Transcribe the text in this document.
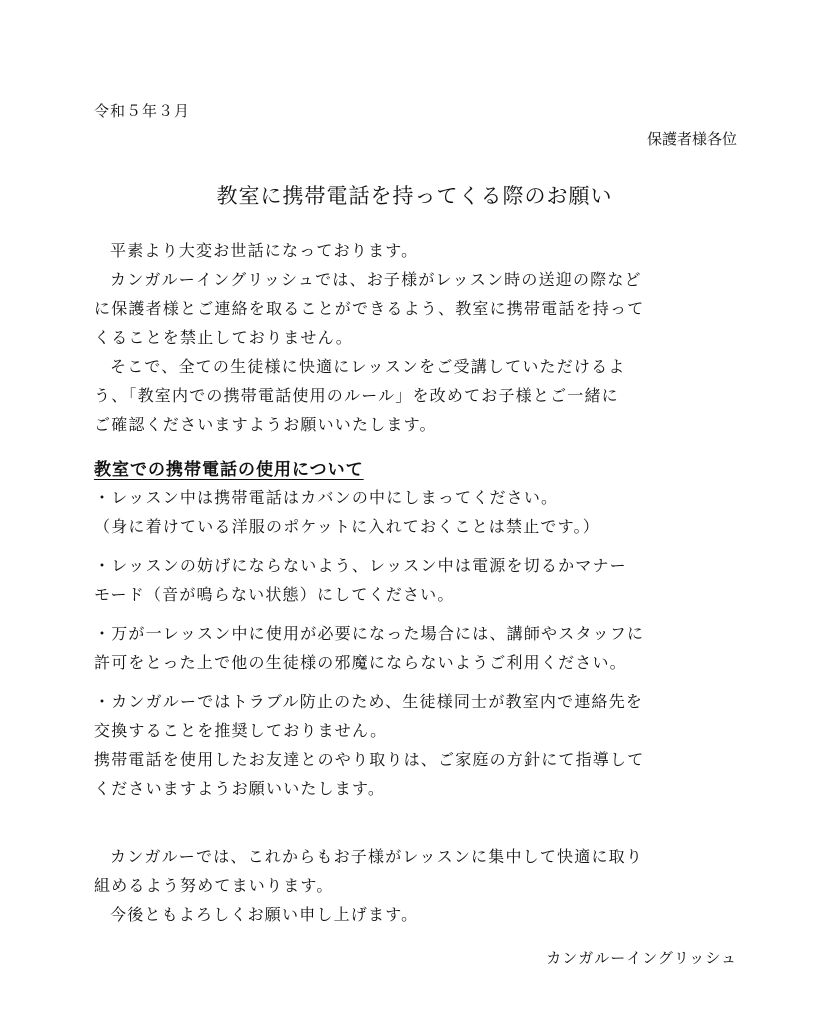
令和５年３月
保護者様各位
教室に携帯電話を持ってくる際のお願い

平素より大変お世話になっております。

カンガルーイングリッシュでは、お子様がレッスン時の送迎の際など

に保護者様とご連絡を取ることができるよう、教室に携帯電話を持って

くることを禁止しておりません。

そこで、全ての生徒様に快適にレッスンをご受講していただけるよ

う、「教室内での携帯電話使用のルール」を改めてお子様とご一緒に

ご確認くださいますようお願いいたします。

教室での携帯電話の使用について

・レッスン中は携帯電話はカバンの中にしまってください。

（身に着けている洋服のポケットに入れておくことは禁止です。）

・レッスンの妨げにならないよう、レッスン中は電源を切るかマナー

モード（音が鳴らない状態）にしてください。

・万が一レッスン中に使用が必要になった場合には、講師やスタッフに

許可をとった上で他の生徒様の邪魔にならないようご利用ください。

・カンガルーではトラブル防止のため、生徒様同士が教室内で連絡先を

交換することを推奨しておりません。

携帯電話を使用したお友達とのやり取りは、ご家庭の方針にて指導して

くださいますようお願いいたします。

カンガルーでは、これからもお子様がレッスンに集中して快適に取り

組めるよう努めてまいります。

今後ともよろしくお願い申し上げます。

カンガルーイングリッシュ
